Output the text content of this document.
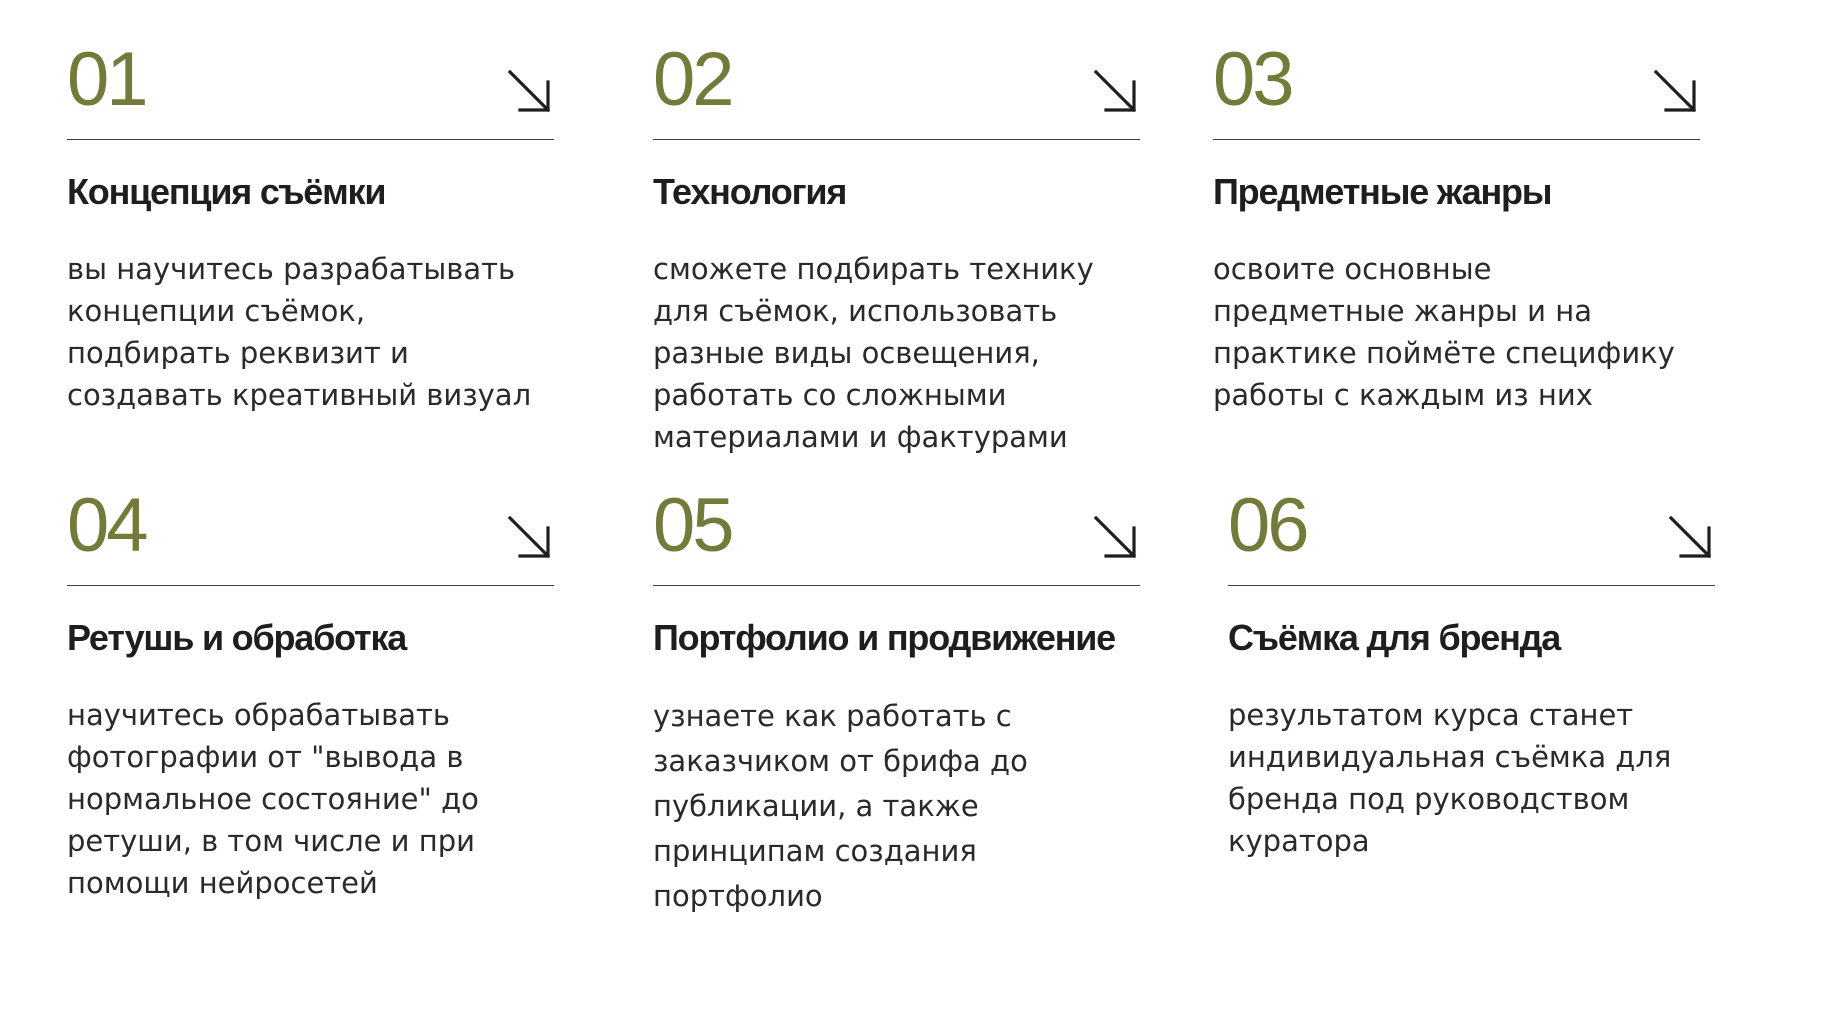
01
Концепция съёмки
вы научитесь разрабатывать
концепции съёмок,
подбирать реквизит и
создавать креативный визуал
02
Технология
сможете подбирать технику
для съёмок, использовать
разные виды освещения,
работать со сложными
материалами и фактурами
03
Предметные жанры
освоите основные
предметные жанры и на
практике поймёте специфику
работы с каждым из них
04
Ретушь и обработка
научитесь обрабатывать
фотографии от "вывода в
нормальное состояние" до
ретуши, в том числе и при
помощи нейросетей
05
Портфолио и продвижение
узнаете как работать с
заказчиком от брифа до
публикации, а также
принципам создания
портфолио
06
Съёмка для бренда
результатом курса станет
индивидуальная съёмка для
бренда под руководством
куратора
